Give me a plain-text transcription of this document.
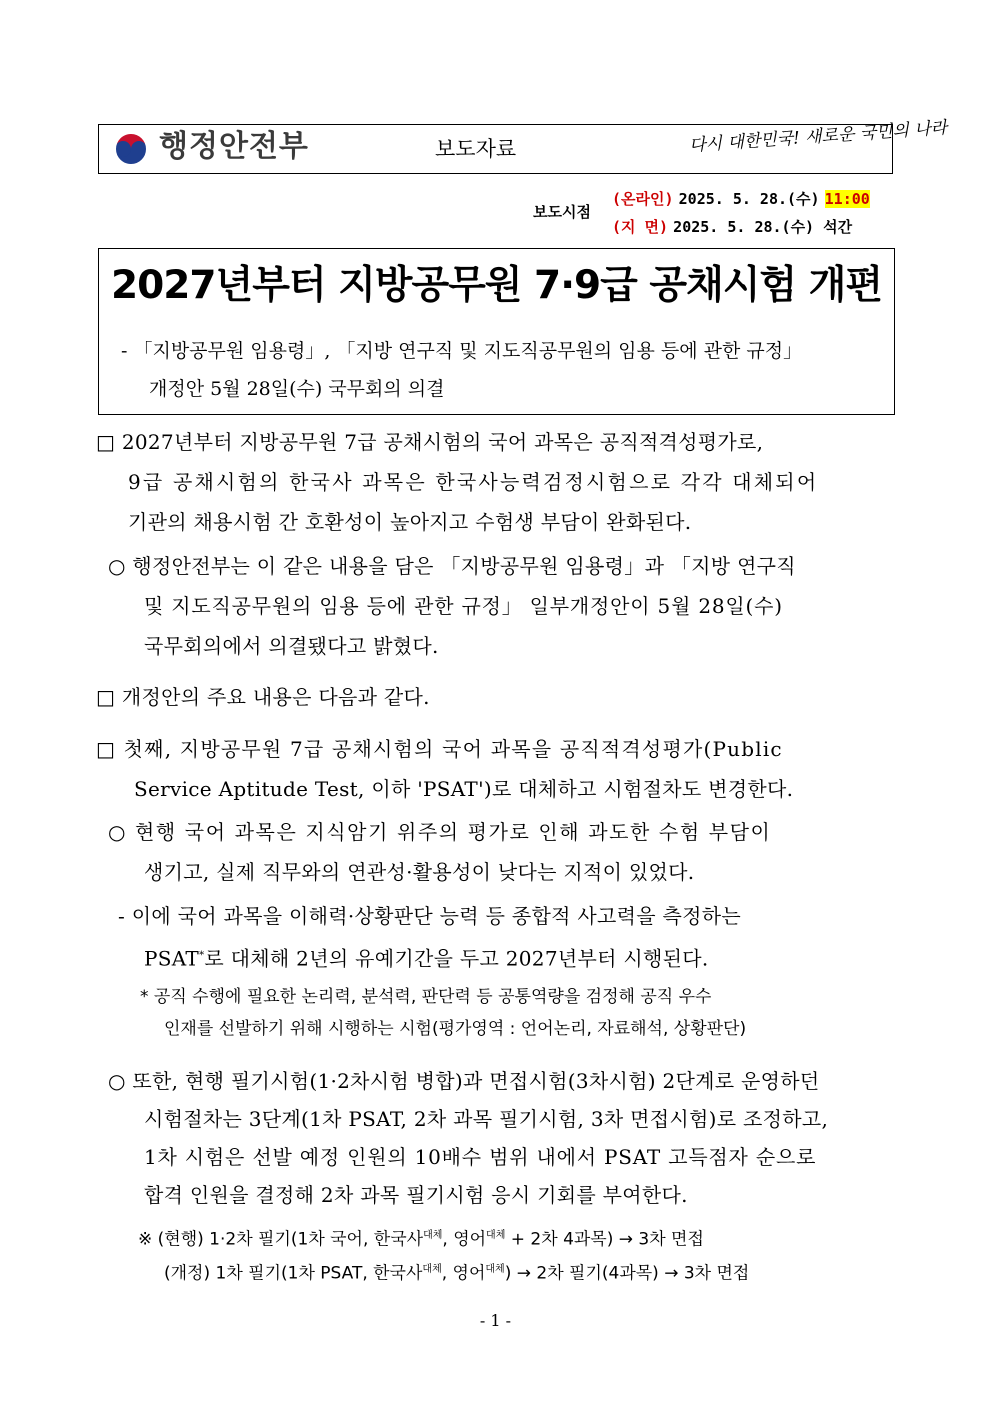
행정안전부	보도자료	다시 대한민국! 새로운 국민의 나라
보도시점
(온라인) 2025. 5. 28.(수) 11:00
(지 면) 2025. 5. 28.(수) 석간
2027년부터 지방공무원 7·9급 공채시험 개편
- 「지방공무원 임용령」, 「지방 연구직 및 지도직공무원의 임용 등에 관한 규정」
개정안 5월 28일(수) 국무회의 의결
□ 2027년부터 지방공무원 7급 공채시험의 국어 과목은 공직적격성평가로,
9급 공채시험의 한국사 과목은 한국사능력검정시험으로 각각 대체되어
기관의 채용시험 간 호환성이 높아지고 수험생 부담이 완화된다.
○ 행정안전부는 이 같은 내용을 담은 「지방공무원 임용령」과 「지방 연구직
및 지도직공무원의 임용 등에 관한 규정」 일부개정안이 5월 28일(수)
국무회의에서 의결됐다고 밝혔다.
□ 개정안의 주요 내용은 다음과 같다.
□ 첫째, 지방공무원 7급 공채시험의 국어 과목을 공직적격성평가(Public
Service Aptitude Test, 이하 'PSAT')로 대체하고 시험절차도 변경한다.
○ 현행 국어 과목은 지식암기 위주의 평가로 인해 과도한 수험 부담이
생기고, 실제 직무와의 연관성·활용성이 낮다는 지적이 있었다.
- 이에 국어 과목을 이해력·상황판단 능력 등 종합적 사고력을 측정하는
PSAT*로 대체해 2년의 유예기간을 두고 2027년부터 시행된다.
* 공직 수행에 필요한 논리력, 분석력, 판단력 등 공통역량을 검정해 공직 우수
인재를 선발하기 위해 시행하는 시험(평가영역 : 언어논리, 자료해석, 상황판단)
○ 또한, 현행 필기시험(1·2차시험 병합)과 면접시험(3차시험) 2단계로 운영하던
시험절차는 3단계(1차 PSAT, 2차 과목 필기시험, 3차 면접시험)로 조정하고,
1차 시험은 선발 예정 인원의 10배수 범위 내에서 PSAT 고득점자 순으로
합격 인원을 결정해 2차 과목 필기시험 응시 기회를 부여한다.
※ (현행) 1·2차 필기(1차 국어, 한국사$^{대체}$, 영어$^{대체}$ + 2차 4과목) → 3차 면접
(개정) 1차 필기(1차 PSAT, 한국사$^{대체}$, 영어$^{대체}$) → 2차 필기(4과목) → 3차 면접
- 1 -
